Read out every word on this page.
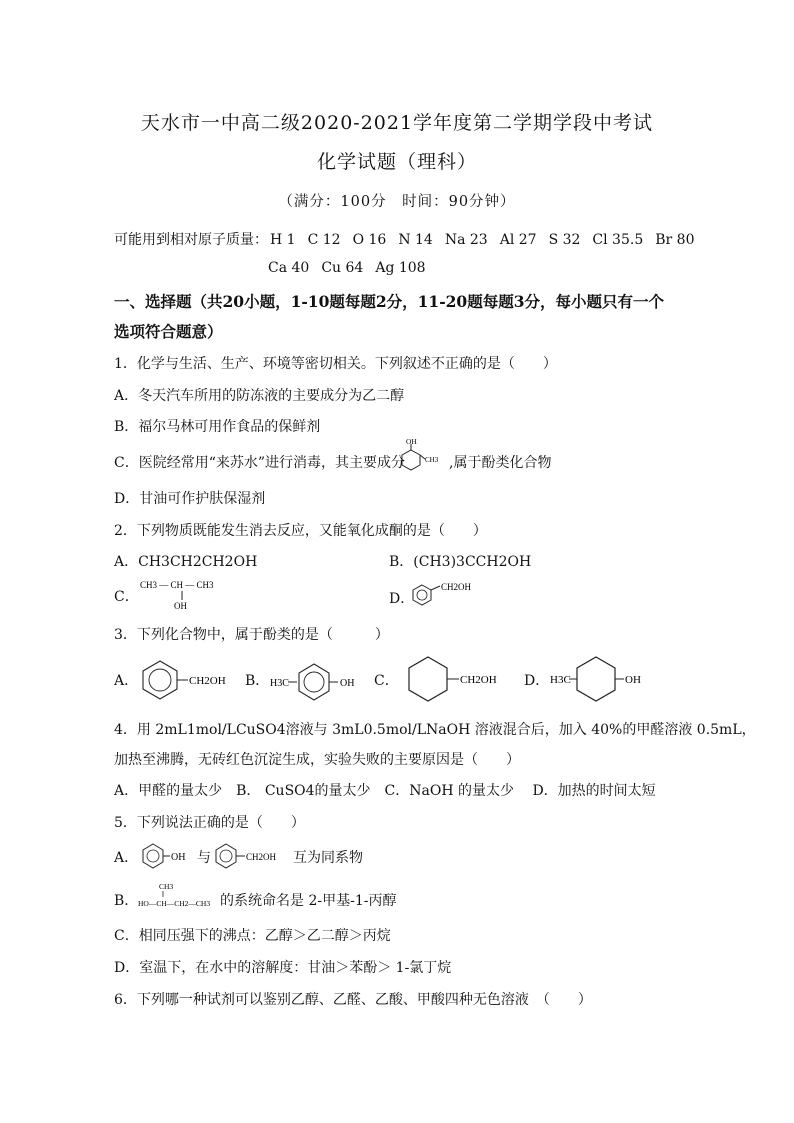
天水市一中高二级2020-2021学年度第二学期学段中考试
化学试题（理科）
（满分：100分　时间：90分钟）
可能用到相对原子质量： H 1 C 12 O 16 N 14 Na 23 Al 27 S 32 Cl 35.5 Br 80
Ca 40 Cu 64 Ag 108
一、选择题（共20小题，1-10题每题2分，11-20题每题3分，每小题只有一个
选项符合题意）
1．化学与生活、生产、环境等密切相关。下列叙述不正确的是（　　）
A．冬天汽车所用的防冻液的主要成分为乙二醇
B．福尔马林可用作食品的保鲜剂
C．医院经常用“来苏水”进行消毒，其主要成分	,属于酚类化合物
OH
CH3
D．甘油可作护肤保湿剂
2．下列物质既能发生消去反应，又能氧化成酮的是（　　）
A．CH3CH2CH2OH	B．(CH3)3CCH2OH
C．
CH3 — CH — CH3
OH	D．
CH2OH
3．下列化合物中，属于酚类的是（　　　）
A．	CH2OH B． H3C	OH C．	CH2OH D． H3C	OH
4．用 2mL1mol/LCuSO4溶液与 3mL0.5mol/LNaOH 溶液混合后，加入 40%的甲醛溶液 0.5mL，
加热至沸腾，无砖红色沉淀生成，实验失败的主要原因是（　　）
A．甲醛的量太少　B． CuSO4的量太少　C．NaOH 的量太少　 D．加热的时间太短
5．下列说法正确的是（　　）
A．	OH 与	CH2OH 互为同系物
B．
CH3
HO—CH—CH2—CH3 的系统命名是 2-甲基-1-丙醇
C．相同压强下的沸点：乙醇＞乙二醇＞丙烷
D．室温下，在水中的溶解度：甘油＞苯酚＞ 1-氯丁烷
6．下列哪一种试剂可以鉴别乙醇、乙醛、乙酸、甲酸四种无色溶液　（　　）
